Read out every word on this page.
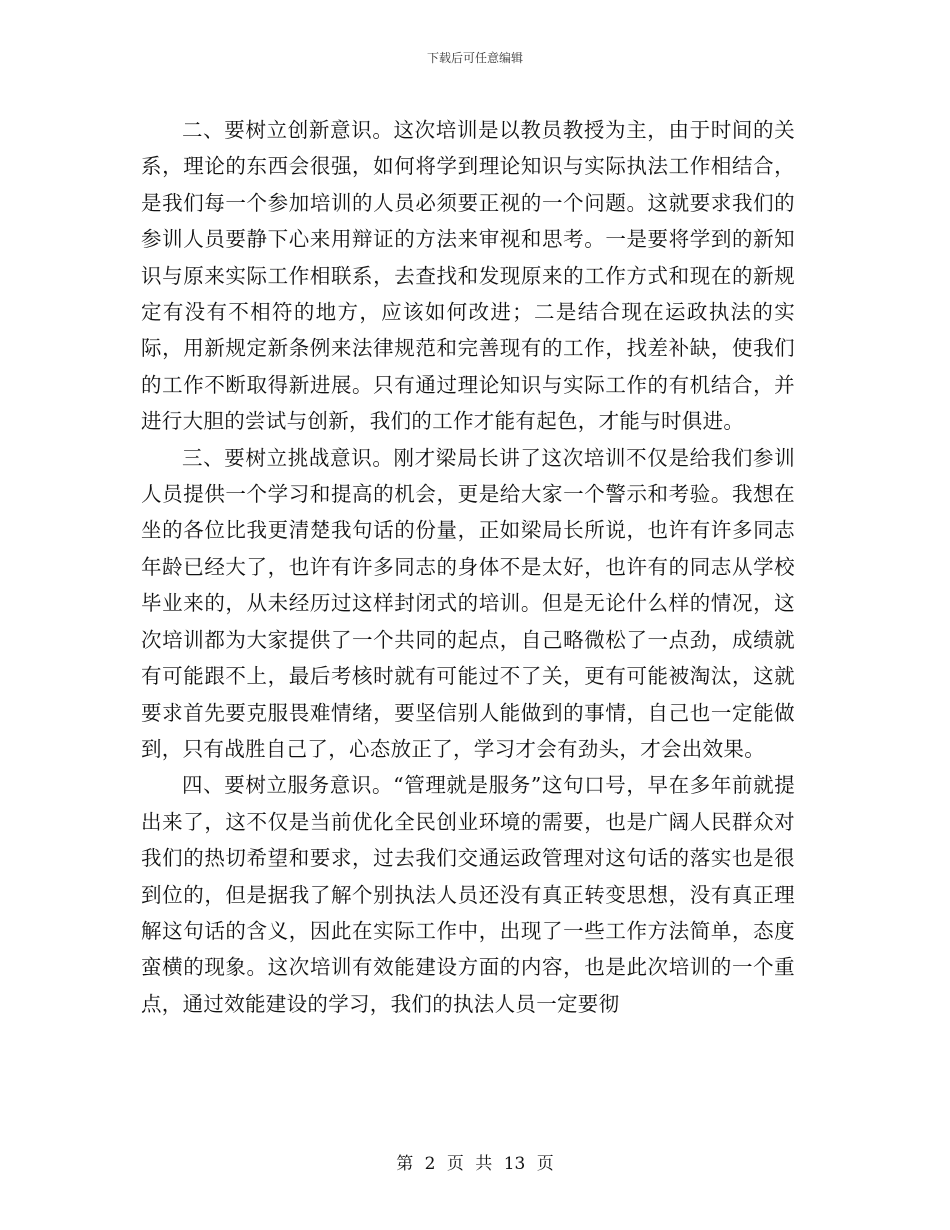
下载后可任意编辑

二、要树立创新意识。这次培训是以教员教授为主，由于时间的关系，理论的东西会很强，如何将学到理论知识与实际执法工作相结合，是我们每一个参加培训的人员必须要正视的一个问题。这就要求我们的参训人员要静下心来用辩证的方法来审视和思考。一是要将学到的新知识与原来实际工作相联系，去查找和发现原来的工作方式和现在的新规定有没有不相符的地方，应该如何改进；二是结合现在运政执法的实际，用新规定新条例来法律规范和完善现有的工作，找差补缺，使我们的工作不断取得新进展。只有通过理论知识与实际工作的有机结合，并进行大胆的尝试与创新，我们的工作才能有起色，才能与时俱进。

三、要树立挑战意识。刚才梁局长讲了这次培训不仅是给我们参训人员提供一个学习和提高的机会，更是给大家一个警示和考验。我想在坐的各位比我更清楚我句话的份量，正如梁局长所说，也许有许多同志年龄已经大了，也许有许多同志的身体不是太好，也许有的同志从学校毕业来的，从未经历过这样封闭式的培训。但是无论什么样的情况，这次培训都为大家提供了一个共同的起点，自己略微松了一点劲，成绩就有可能跟不上，最后考核时就有可能过不了关，更有可能被淘汰，这就要求首先要克服畏难情绪，要坚信别人能做到的事情，自己也一定能做到，只有战胜自己了，心态放正了，学习才会有劲头，才会出效果。

四、要树立服务意识。“管理就是服务”这句口号，早在多年前就提出来了，这不仅是当前优化全民创业环境的需要，也是广阔人民群众对我们的热切希望和要求，过去我们交通运政管理对这句话的落实也是很到位的，但是据我了解个别执法人员还没有真正转变思想，没有真正理解这句话的含义，因此在实际工作中，出现了一些工作方法简单，态度蛮横的现象。这次培训有效能建设方面的内容，也是此次培训的一个重点，通过效能建设的学习，我们的执法人员一定要彻

第 2 页 共 13 页
